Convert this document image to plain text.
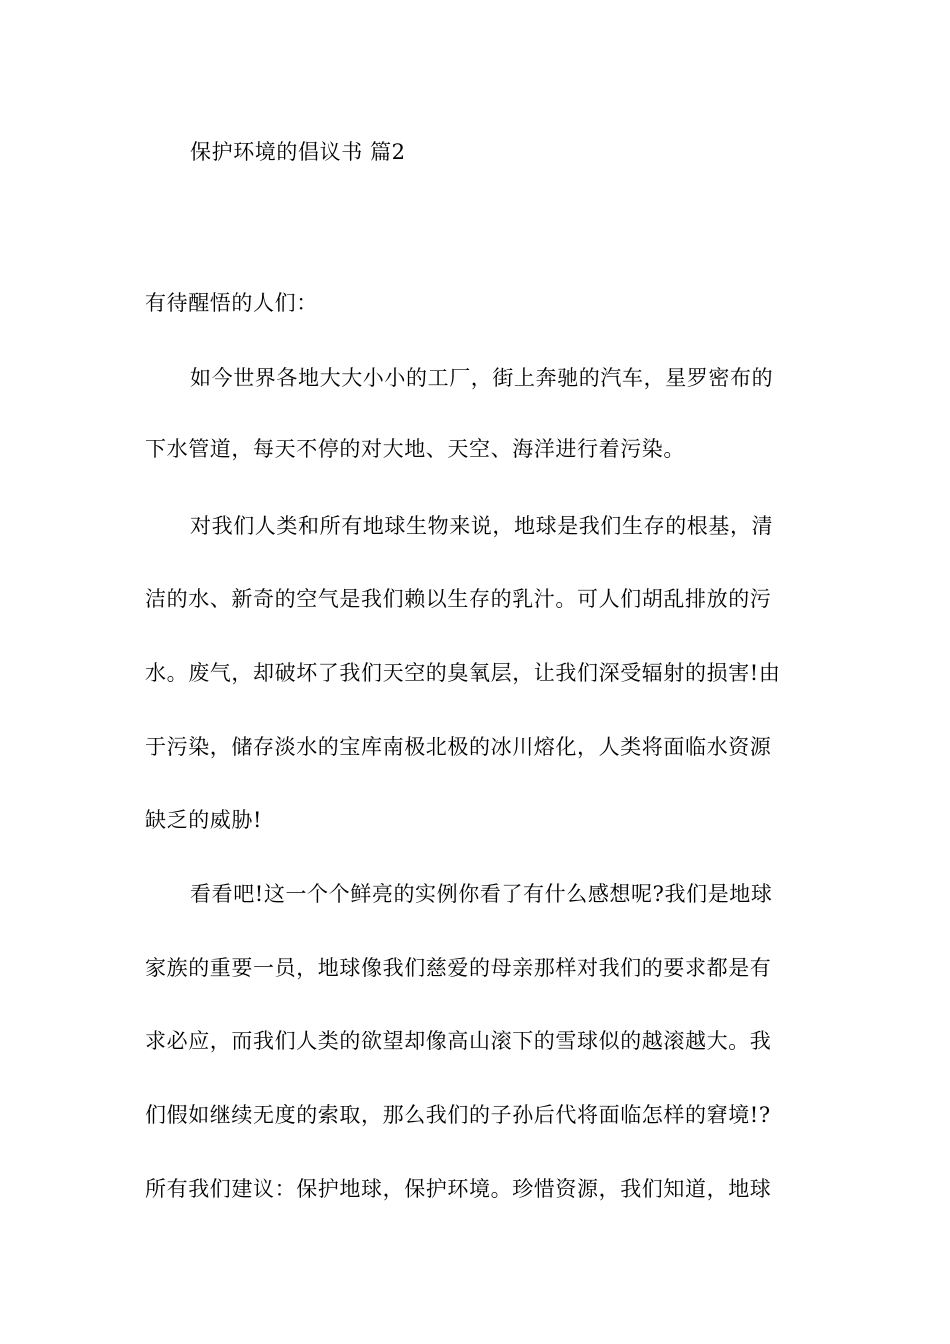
保护环境的倡议书 篇2
有待醒悟的人们：
如今世界各地大大小小的工厂，街上奔驰的汽车，星罗密布的
下水管道，每天不停的对大地、天空、海洋进行着污染。
对我们人类和所有地球生物来说，地球是我们生存的根基，清
洁的水、新奇的空气是我们赖以生存的乳汁。可人们胡乱排放的污
水。废气，却破坏了我们天空的臭氧层，让我们深受辐射的损害!由
于污染，储存淡水的宝库南极北极的冰川熔化，人类将面临水资源
缺乏的威胁!
看看吧!这一个个鲜亮的实例你看了有什么感想呢?我们是地球
家族的重要一员，地球像我们慈爱的母亲那样对我们的要求都是有
求必应，而我们人类的欲望却像高山滚下的雪球似的越滚越大。我
们假如继续无度的索取，那么我们的子孙后代将面临怎样的窘境!?
所有我们建议：保护地球，保护环境。珍惜资源，我们知道，地球
